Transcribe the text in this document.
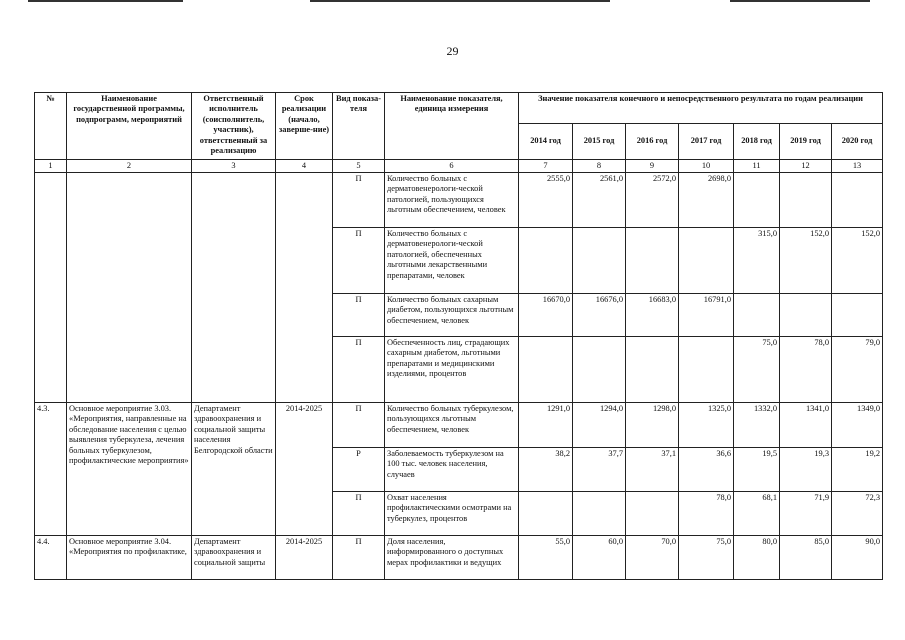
29
№	Наименование государственной программы, подпрограмм, мероприятий	Ответственный исполнитель (соисполнитель, участник), ответственный за реализацию	Срок реализации (начало, заверше-ние)	Вид показа-теля	Наименование показателя, единица измерения	Значение показателя конечного и непосредственного результата по годам реализации						
						2014 год	2015 год	2016 год	2017 год	2018 год	2019 год	2020 год
1	2	3	4	5	6	7	8	9	10	11	12	13
				П	Количество больных с дерматовенерологи-ческой патологией, пользующихся льготным обеспечением, человек	2555,0	2561,0	2572,0	2698,0			
				П	Количество больных с дерматовенерологи-ческой патологией, обеспеченных льготными лекарственными препаратами, человек					315,0	152,0	152,0
				П	Количество больных сахарным диабетом, пользующихся льготным обеспечением, человек	16670,0	16676,0	16683,0	16791,0			
				П	Обеспеченность лиц, страдающих сахарным диабетом, льготными препаратами и медицинскими изделиями, процентов					75,0	78,0	79,0
4.3.	Основное мероприятие 3.03. «Мероприятия, направленные на обследование населения с целью выявления туберкулеза, лечения больных туберкулезом, профилактические мероприятия»	Департамент здравоохранения и социальной защиты населения Белгородской области	2014-2025	П	Количество больных туберкулезом, пользующихся льготным обеспечением, человек	1291,0	1294,0	1298,0	1325,0	1332,0	1341,0	1349,0
				Р	Заболеваемость туберкулезом на 100 тыс. человек населения, случаев	38,2	37,7	37,1	36,6	19,5	19,3	19,2
				П	Охват населения профилактическими осмотрами на туберкулез, процентов				78,0	68,1	71,9	72,3
4.4.	Основное мероприятие 3.04. «Мероприятия по профилактике,	Департамент здравоохранения и социальной защиты	2014-2025	П	Доля населения, информированного о доступных мерах профилактики и ведущих	55,0	60,0	70,0	75,0	80,0	85,0	90,0
